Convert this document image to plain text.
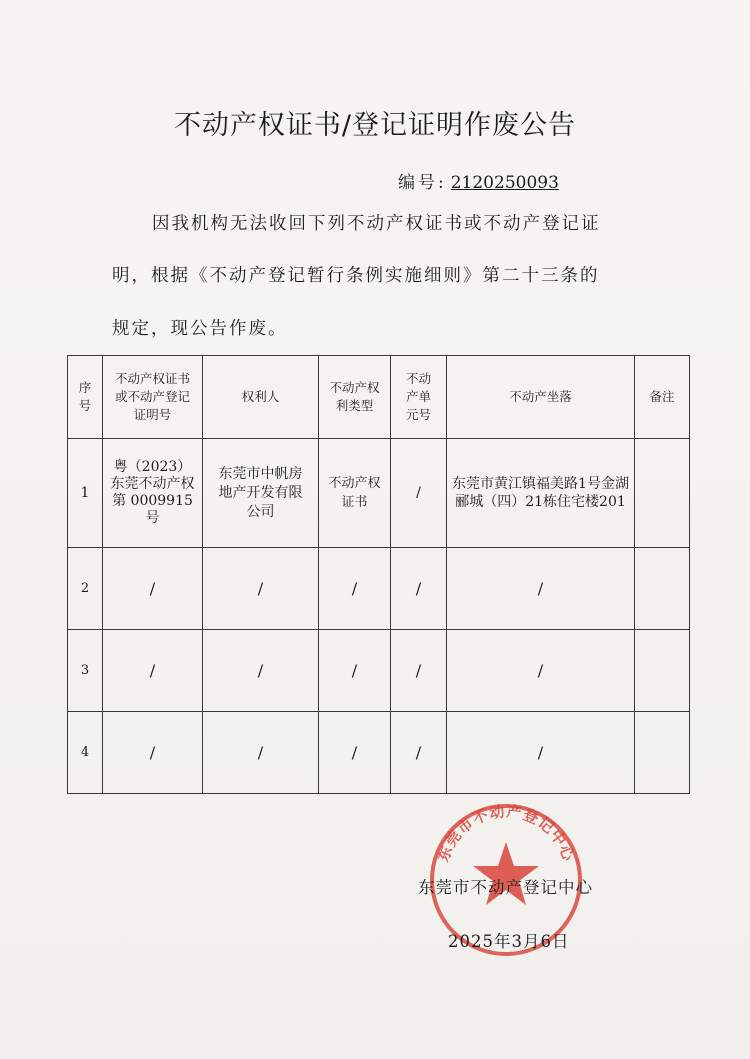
不动产权证书/登记证明作废公告
编号: 2120250093
因我机构无法收回下列不动产权证书或不动产登记证
明，根据《不动产登记暂行条例实施细则》第二十三条的
规定，现公告作废。
序号	不动产权证书或不动产登记证明号	权利人	不动产权利类型	不动产单元号	不动产坐落	备注
1	粤（2023）东莞不动产权第 0009915号	东莞市中帆房地产开发有限公司	不动产权证书	/	东莞市黄江镇福美路1号金湖郦城（四）21栋住宅楼201	
2	/	/	/	/	/	
3	/	/	/	/	/	
4	/	/	/	/	/	
东莞市不动产登记中心
东莞市不动产登记中心
2025年3月6日
